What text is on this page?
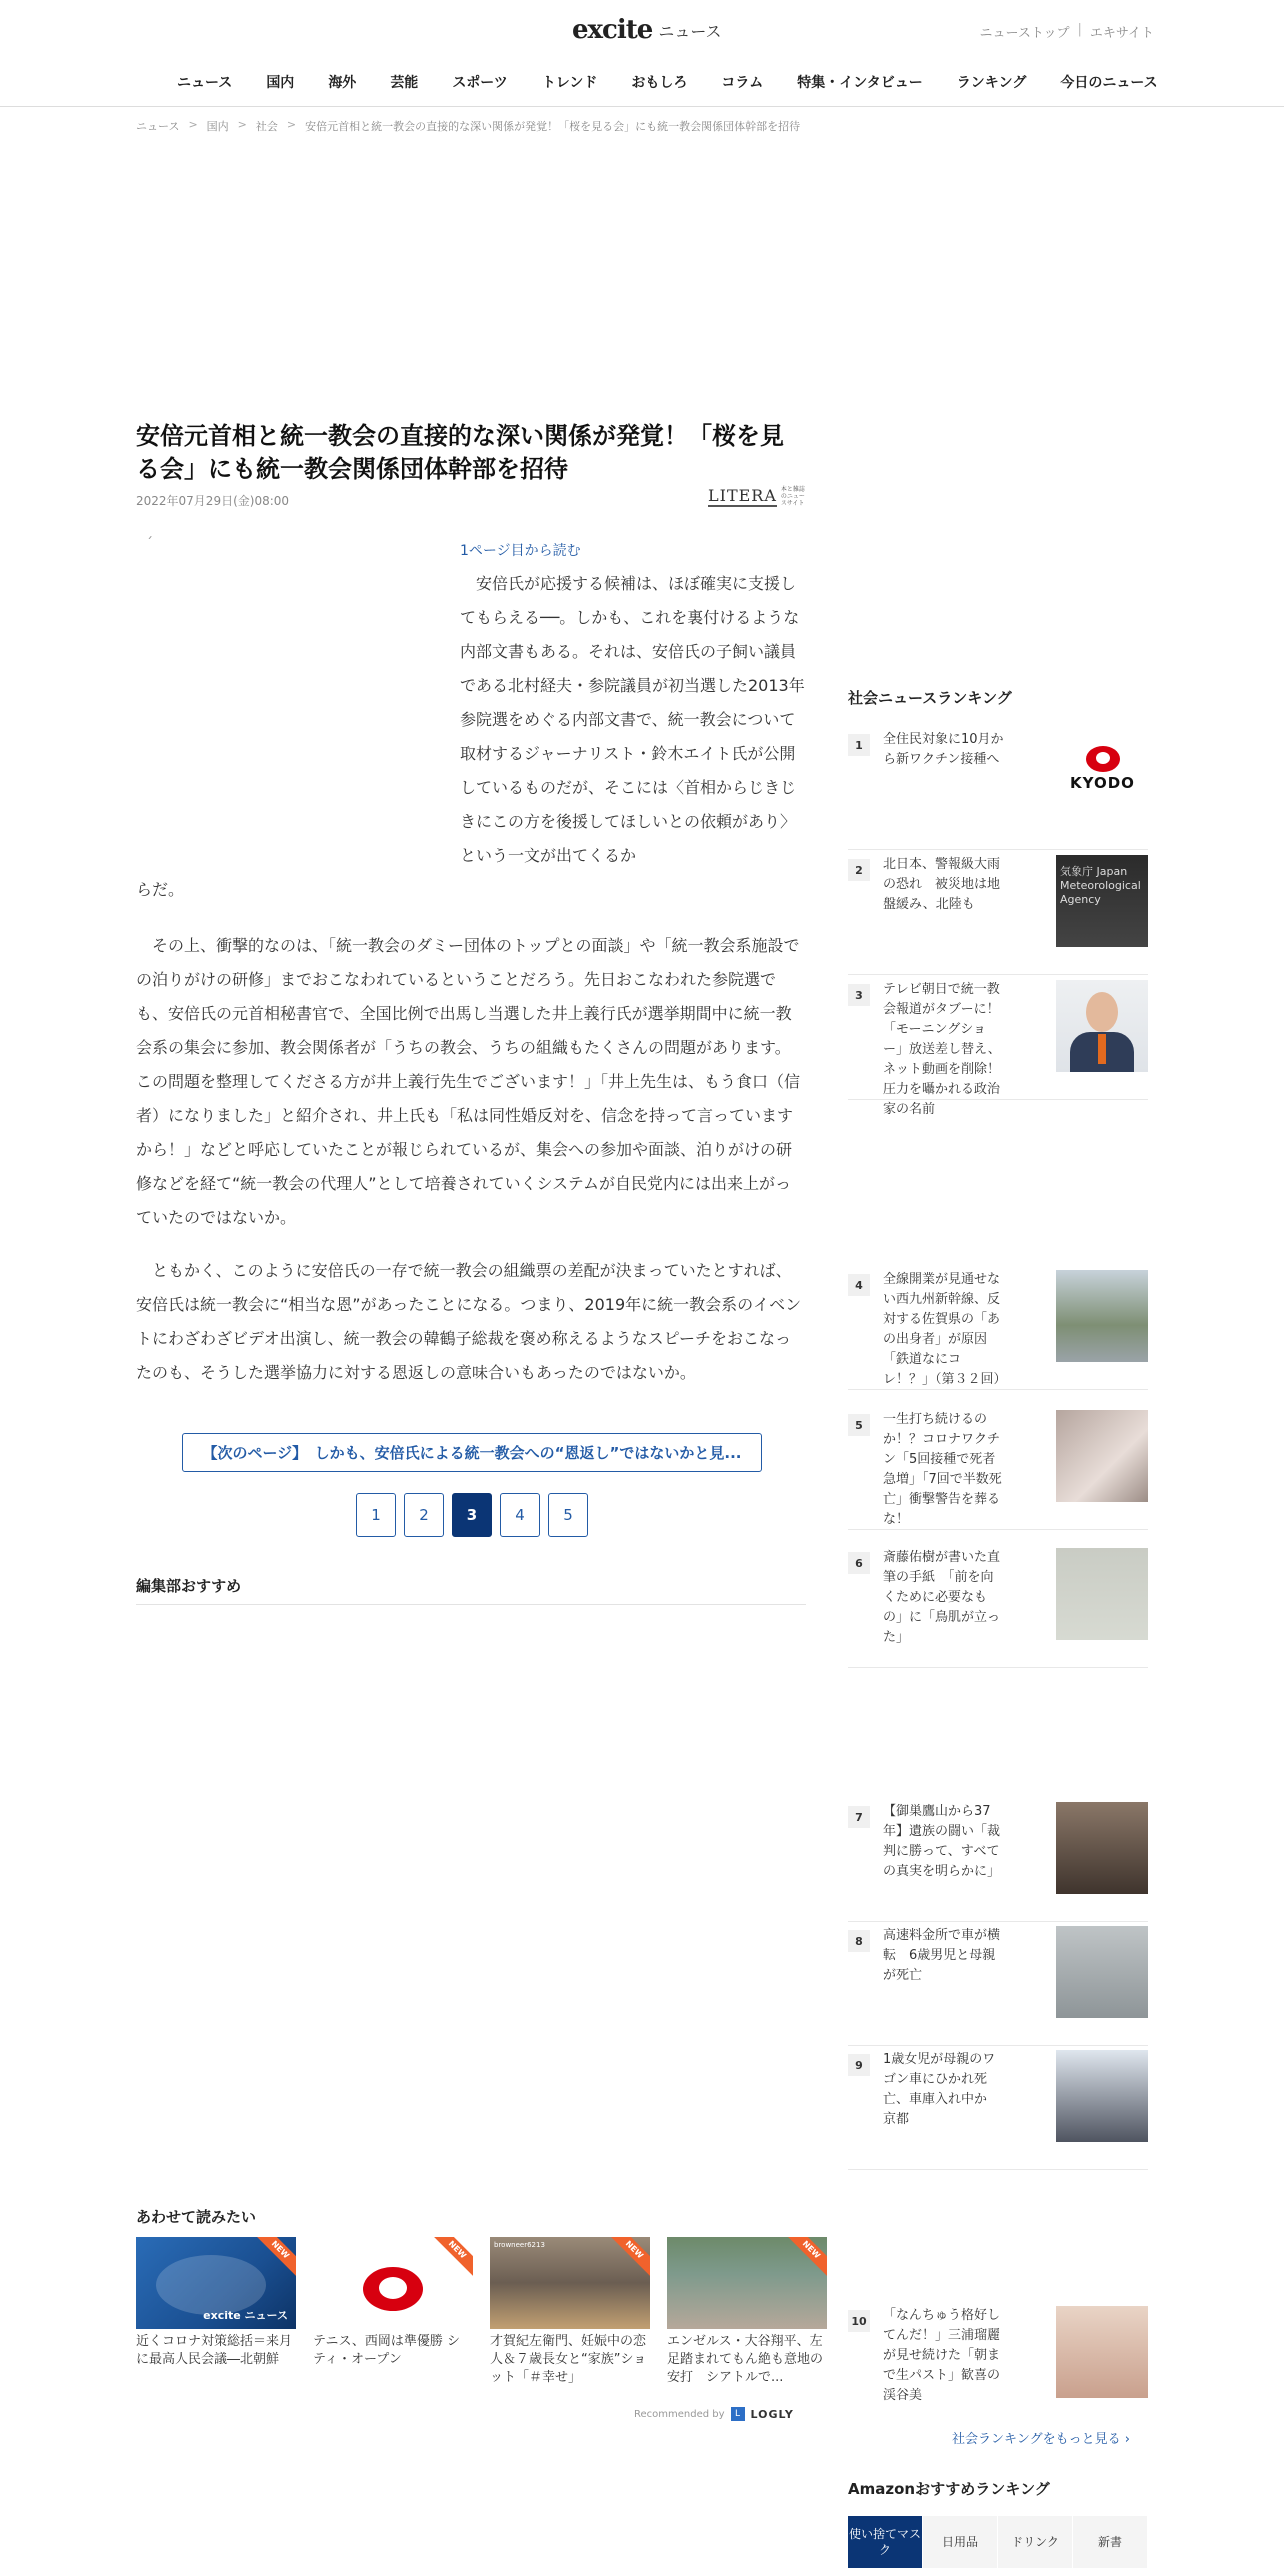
excite ニュース	ニューストップ | エキサイト
ニュース	国内	海外	芸能	スポーツ	トレンド	おもしろ	コラム	特集・インタビュー	ランキング	今日のニュース
ニュース > 国内 > 社会 > 安倍元首相と統一教会の直接的な深い関係が発覚！「桜を見る会」にも統一教会関係団体幹部を招待
安倍元首相と統一教会の直接的な深い関係が発覚！「桜を見る会」にも統一教会関係団体幹部を招待
2022年07月29日(金)08:00	LITERA 本と雑誌のニュースサイト
´	1ページ目から読む

安倍氏が応援する候補は、ほぼ確実に支援してもらえる──。しかも、これを裏付けるような内部文書もある。それは、安倍氏の子飼い議員である北村経夫・参院議員が初当選した2013年参院選をめぐる内部文書で、統一教会について取材するジャーナリスト・鈴木エイト氏が公開しているものだが、そこには〈首相からじきじきにこの方を後援してほしいとの依頼があり〉という一文が出てくるか

らだ。

その上、衝撃的なのは、「統一教会のダミー団体のトップとの面談」や「統一教会系施設での泊りがけの研修」までおこなわれているということだろう。先日おこなわれた参院選でも、安倍氏の元首相秘書官で、全国比例で出馬し当選した井上義行氏が選挙期間中に統一教会系の集会に参加、教会関係者が「うちの教会、うちの組織もたくさんの問題があります。この問題を整理してくださる方が井上義行先生でございます！」「井上先生は、もう食口（信者）になりました」と紹介され、井上氏も「私は同性婚反対を、信念を持って言っていますから！」などと呼応していたことが報じられているが、集会への参加や面談、泊りがけの研修などを経て“統一教会の代理人”として培養されていくシステムが自民党内には出来上がっていたのではないか。

ともかく、このように安倍氏の一存で統一教会の組織票の差配が決まっていたとすれば、安倍氏は統一教会に“相当な恩”があったことになる。つまり、2019年に統一教会系のイベントにわざわざビデオ出演し、統一教会の韓鶴子総裁を褒め称えるようなスピーチをおこなったのも、そうした選挙協力に対する恩返しの意味合いもあったのではないか。

【次のページ】　しかも、安倍氏による統一教会への“恩返し”ではないかと見...
1	2	3	4	5
編集部おすすめ
あわせて読みたい
excite ニュース
NEW
近くコロナ対策総括＝来月に最高人民会議―北朝鮮
NEW
テニス、西岡は準優勝 シティ・オープン
browneer6213	NEW
才賀紀左衛門、妊娠中の恋人＆７歳長女と“家族”ショット「＃幸せ」
NEW
エンゼルス・大谷翔平、左足踏まれてもん絶も意地の安打　シアトルで...
Recommended by	L LOGLY
社会ニュースランキング
1	全住民対象に10月から新ワクチン接種へ
KYODO
2	北日本、警報級大雨の恐れ　被災地は地盤緩み、北陸も
気象庁 Japan Meteorological Agency
3	テレビ朝日で統一教会報道がタブーに！「モーニングショー」放送差し替え、ネット動画を削除！圧力を囁かれる政治家の名前
4	全線開業が見通せない西九州新幹線、反対する佐賀県の「あの出身者」が原因　「鉄道なにコレ！？」（第３２回）
5	一生打ち続けるのか！？コロナワクチン「5回接種で死者急増」「7回で半数死亡」衝撃警告を葬るな！
6	斎藤佑樹が書いた直筆の手紙　「前を向くために必要なもの」に「鳥肌が立った」
7	【御巣鷹山から37年】遺族の闘い「裁判に勝って、すべての真実を明らかに」
8	高速料金所で車が横転　6歳男児と母親が死亡
9	1歳女児が母親のワゴン車にひかれ死亡、車庫入れ中か　京都
10 「なんちゅう格好してんだ！」三浦瑠麗が見せ続けた「朝まで生パスト」歓喜の渓谷美
社会ランキングをもっと見る ›
Amazonおすすめランキング
使い捨てマスク
日用品	ドリンク	新書
